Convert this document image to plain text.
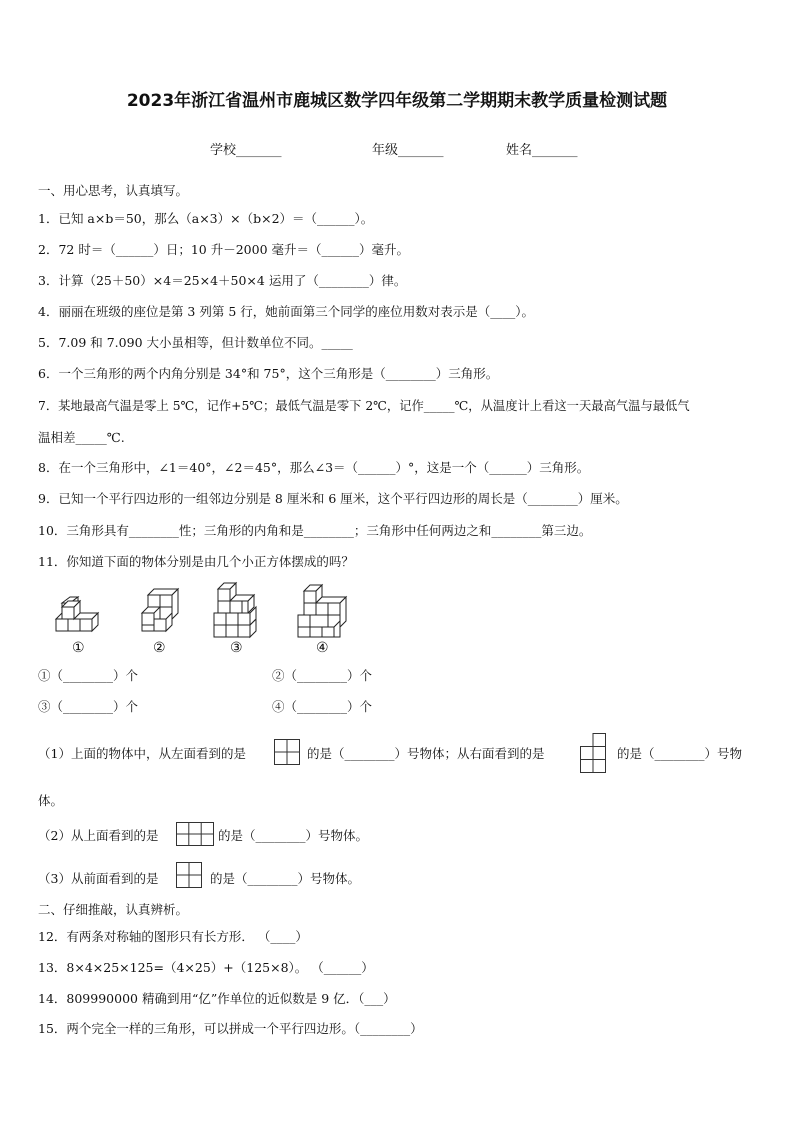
2023年浙江省温州市鹿城区数学四年级第二学期期末教学质量检测试题
学校_______	年级_______	姓名_______
一、用心思考，认真填写。
1．已知 a×b＝50，那么（a×3）×（b×2）＝（______）。
2．72 时＝（______）日；10 升－2000 毫升＝（______）毫升。
3．计算（25＋50）×4＝25×4＋50×4 运用了（________）律。
4．丽丽在班级的座位是第 3 列第 5 行，她前面第三个同学的座位用数对表示是（____）。
5．7.09 和 7.090 大小虽相等，但计数单位不同。_____
6．一个三角形的两个内角分别是 34°和 75°，这个三角形是（________）三角形。
7．某地最高气温是零上 5℃，记作+5℃；最低气温是零下 2℃，记作_____℃，从温度计上看这一天最高气温与最低气
温相差_____℃.
8．在一个三角形中，∠1＝40°，∠2＝45°，那么∠3＝（______）°，这是一个（______）三角形。
9．已知一个平行四边形的一组邻边分别是 8 厘米和 6 厘米，这个平行四边形的周长是（________）厘米。
10．三角形具有________性；三角形的内角和是________；三角形中任何两边之和________第三边。
11．你知道下面的物体分别是由几个小正方体摆成的吗？
①	②	③	④
①（________）个	②（________）个
③（________）个	④（________）个
（1）上面的物体中，从左面看到的是	的是（________）号物体；从右面看到的是	的是（________）号物
体。
（2）从上面看到的是	的是（________）号物体。
（3）从前面看到的是	的是（________）号物体。
二、仔细推敲，认真辨析。
12．有两条对称轴的图形只有长方形． （____）
13．8×4×25×125=（4×25）+（125×8）。 （______）
14．809990000 精确到用“亿”作单位的近似数是 9 亿．（___）
15．两个完全一样的三角形，可以拼成一个平行四边形。（________）
